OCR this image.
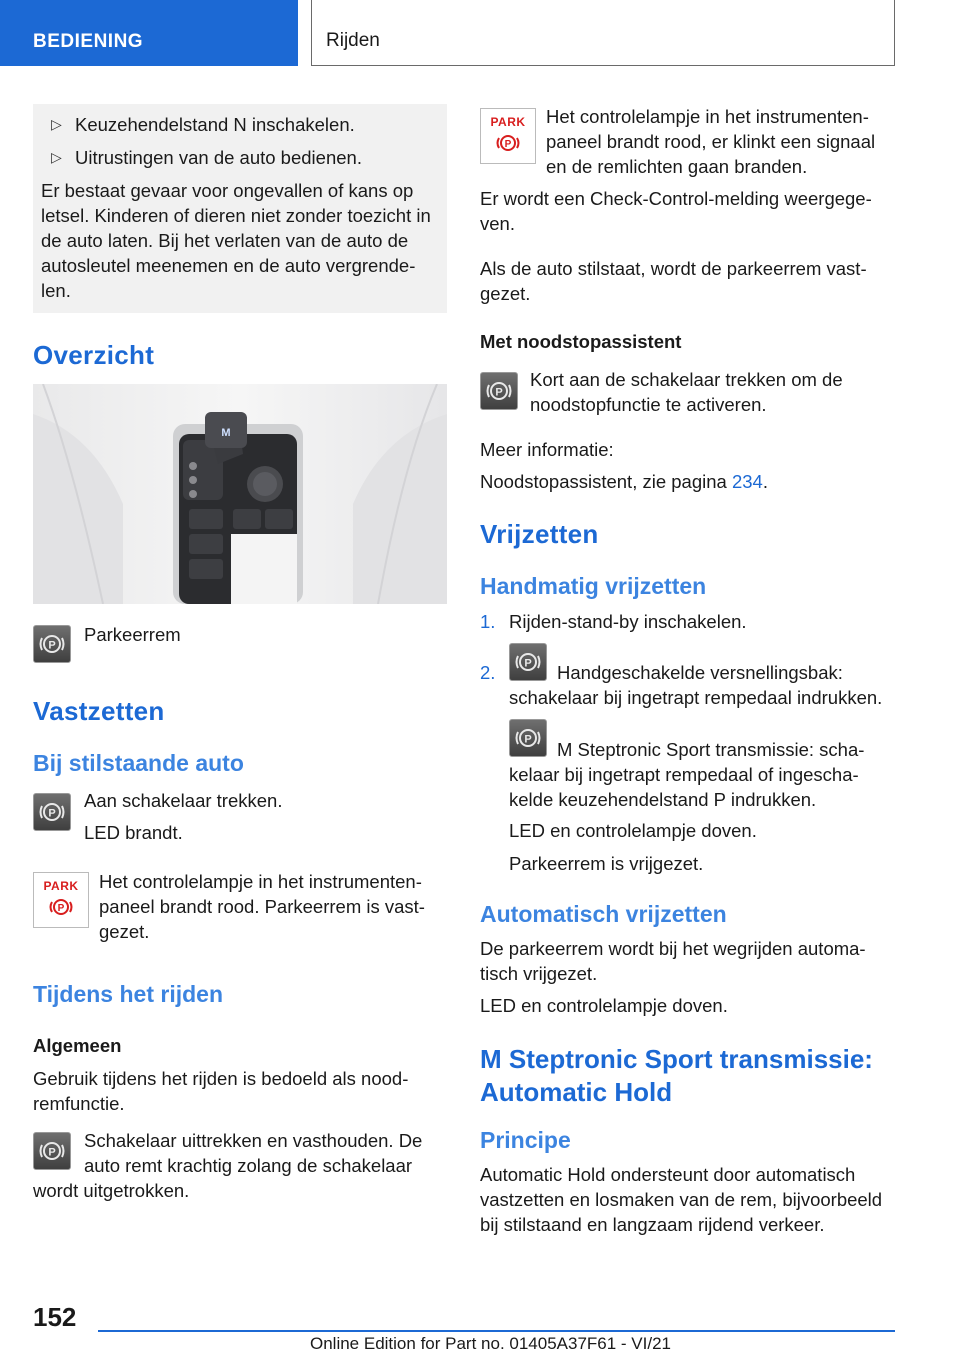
BEDIENING	Rijden
▷ Keuzehendelstand N inschakelen.
▷ Uitrustingen van de auto bedienen.

Er bestaat gevaar voor ongevallen of kans op
letsel. Kinderen of dieren niet zonder toezicht in
de auto laten. Bij het verlaten van de auto de
autosleutel meenemen en de auto vergrende-
len.

Overzicht
M
P

Parkeerrem

Vastzetten
Bij stilstaande auto
P

Aan schakelaar trekken.

LED brandt.

PARK
P

Het controlelampje in het instrumenten-
paneel brandt rood. Parkeerrem is vast-
gezet.

Tijdens het rijden
Algemeen

Gebruik tijdens het rijden is bedoeld als nood-
remfunctie.

P

Schakelaar uittrekken en vasthouden. De

auto remt krachtig zolang de schakelaar

wordt uitgetrokken.

PARK
P

Het controlelampje in het instrumenten-
paneel brandt rood, er klinkt een signaal
en de remlichten gaan branden.

Er wordt een Check-Control-melding weergege-
ven.

Als de auto stilstaat, wordt de parkeerrem vast-
gezet.

Met noodstopassistent
P

Kort aan de schakelaar trekken om de
noodstopfunctie te activeren.

Meer informatie:

Noodstopassistent, zie pagina 234.

Vrijzetten
Handmatig vrijzetten
1. Rijden-stand-by inschakelen.

2.	P Handgeschakelde versnellingsbak:

schakelaar bij ingetrapt rempedaal indrukken.

P M Steptronic Sport transmissie: scha-

kelaar bij ingetrapt rempedaal of ingescha-

kelde keuzehendelstand P indrukken.

LED en controlelampje doven.

Parkeerrem is vrijgezet.

Automatisch vrijzetten

De parkeerrem wordt bij het wegrijden automa-
tisch vrijgezet.

LED en controlelampje doven.

M Steptronic Sport transmissie:
Automatic Hold
Principe

Automatic Hold ondersteunt door automatisch
vastzetten en losmaken van de rem, bijvoorbeeld
bij stilstaand en langzaam rijdend verkeer.

152
Online Edition for Part no. 01405A37F61 - VI/21
